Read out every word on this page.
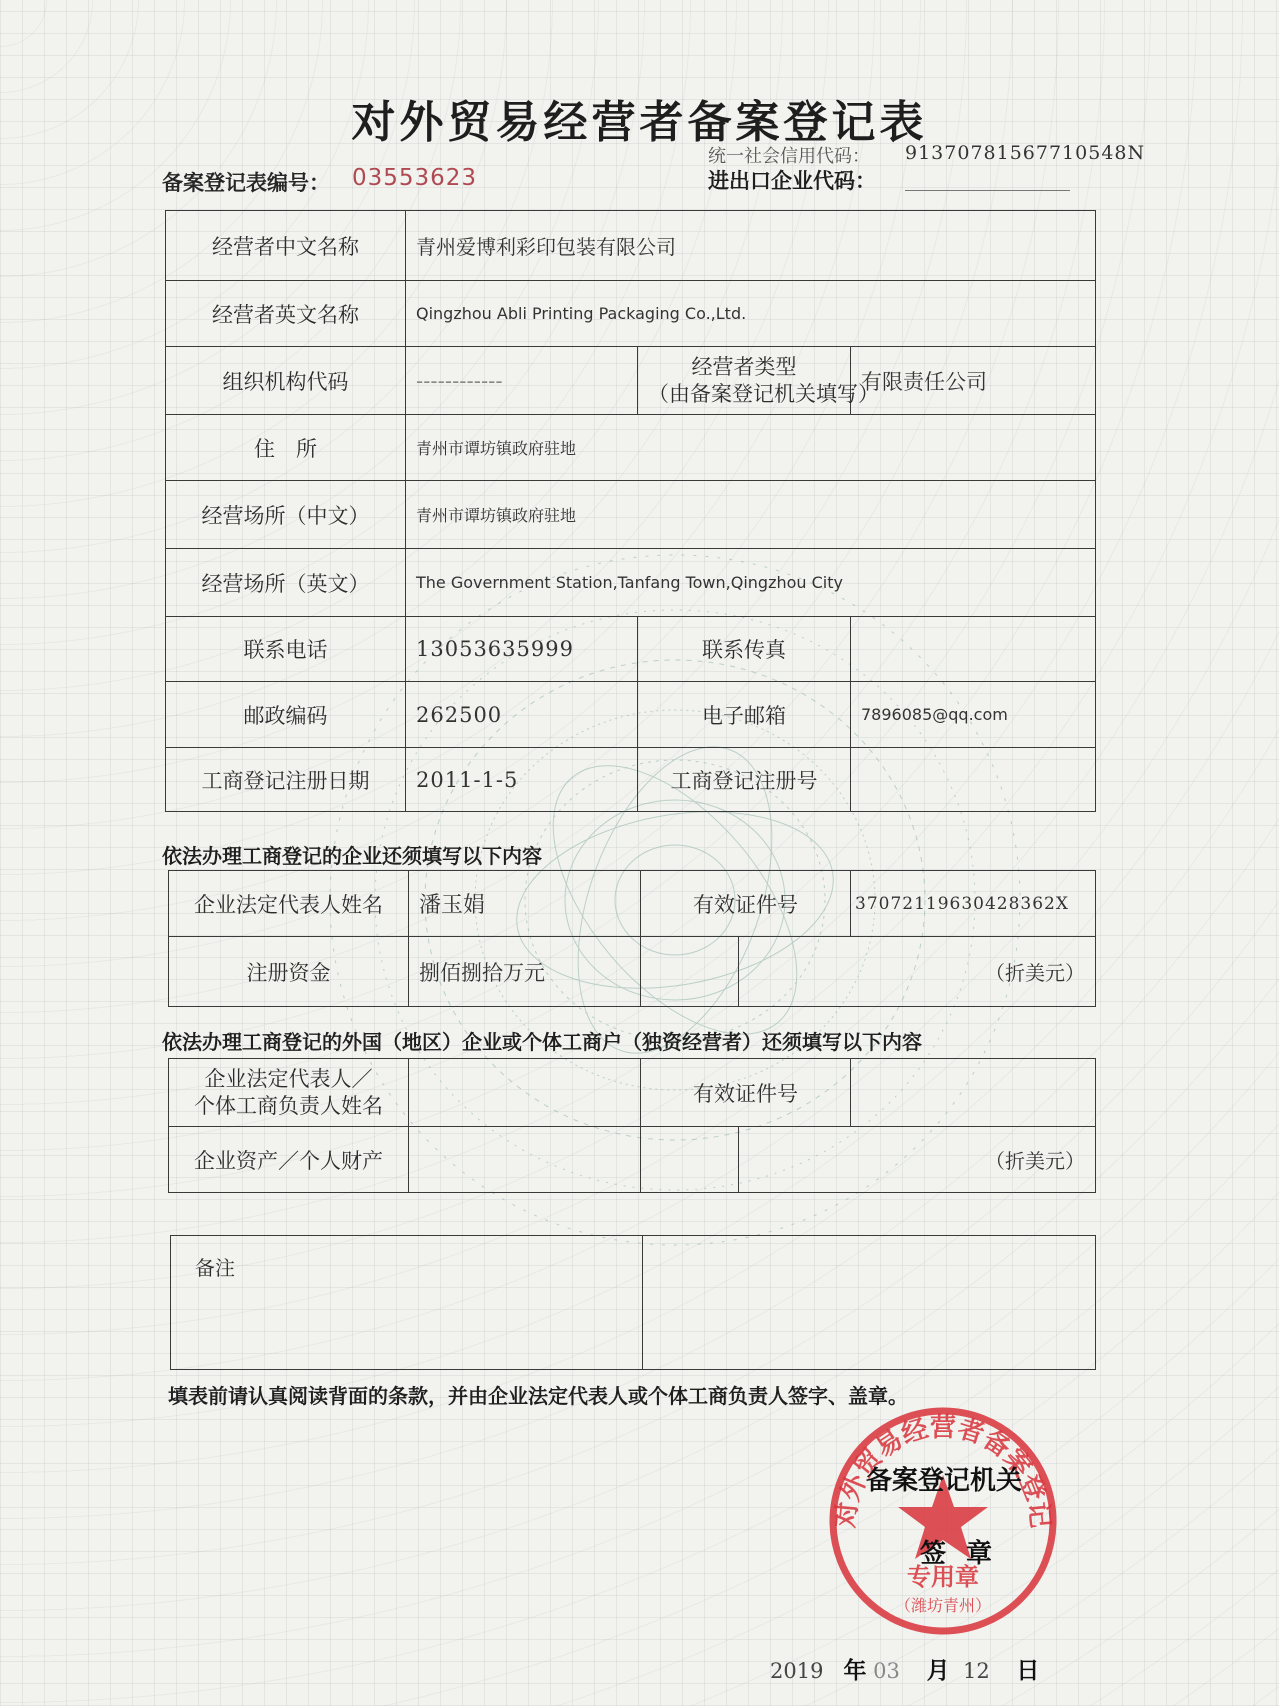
对外贸易经营者备案登记表
统一社会信用代码： 91370781567710548N
进出口企业代码：
备案登记表编号： 03553623
经营者中文名称	青州爱博利彩印包装有限公司		
经营者英文名称	Qingzhou Abli Printing Packaging Co.,Ltd.		
组织机构代码	------------	经营者类型
（由备案登记机关填写）	有限责任公司
住　所	青州市谭坊镇政府驻地		
经营场所（中文）	青州市谭坊镇政府驻地		
经营场所（英文）	The Government Station,Tanfang Town,Qingzhou City		
联系电话	13053635999	联系传真	
邮政编码	262500	电子邮箱	7896085@qq.com
工商登记注册日期	2011-1-5	工商登记注册号	
依法办理工商登记的企业还须填写以下内容
企业法定代表人姓名	潘玉娟	有效证件号		37072119630428362X
注册资金	捌佰捌拾万元		（折美元）	
依法办理工商登记的外国（地区）企业或个体工商户（独资经营者）还须填写以下内容
企业法定代表人／
个体工商负责人姓名		有效证件号		
企业资产／个人财产			（折美元）	
备注	
填表前请认真阅读背面的条款，并由企业法定代表人或个体工商负责人签字、盖章。
对外贸易经营者备案登记
专用章
（潍坊青州）
备案登记机关
签章
2019 年 03 月 12 日
